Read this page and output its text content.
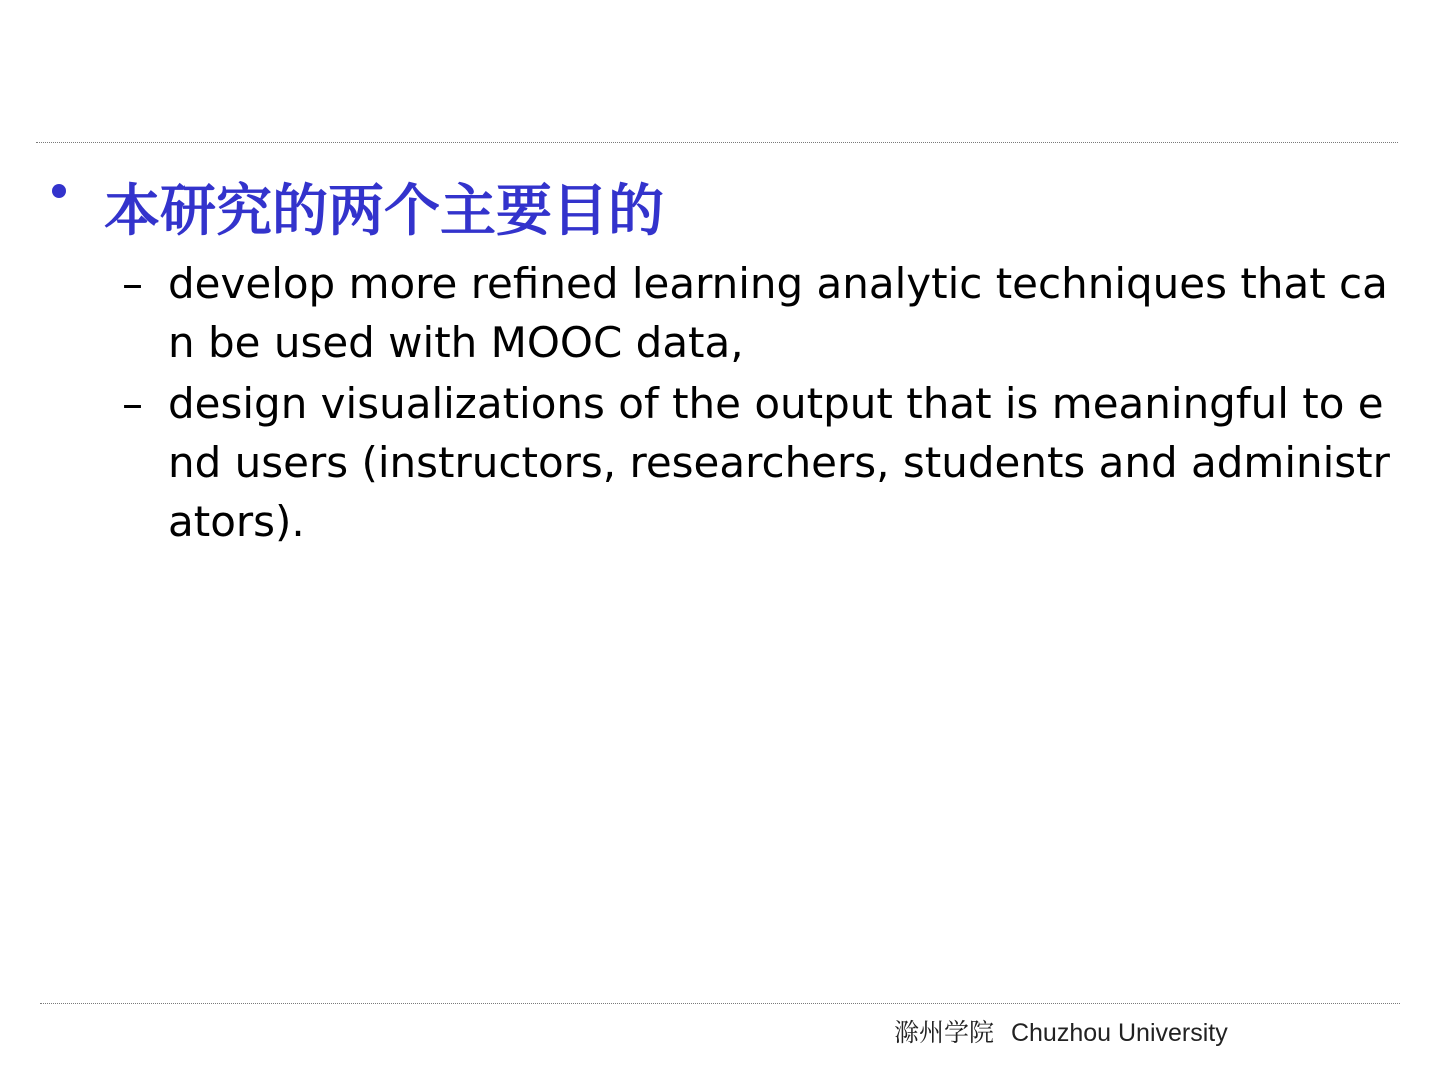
本研究的两个主要目的
– develop more refined learning analytic techniques that can be used with MOOC data,
– design visualizations of the output that is meaningful to end users (instructors, researchers, students and administrators).
滁州学院 Chuzhou University
